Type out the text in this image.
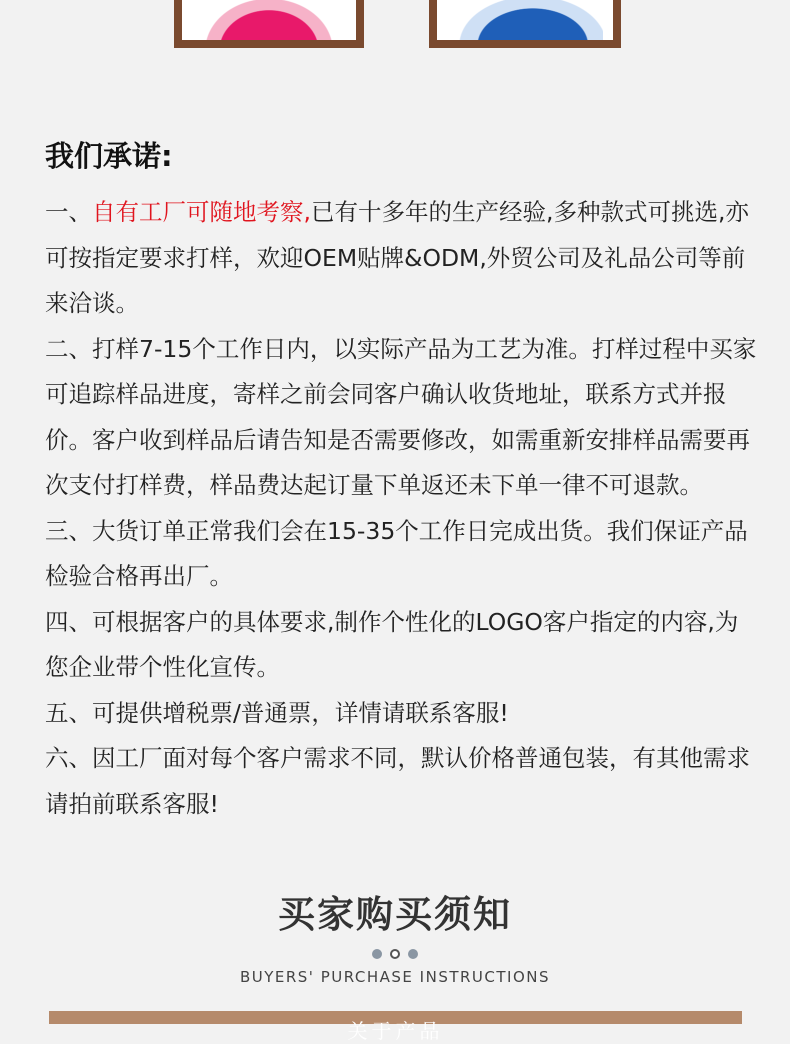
我们承诺:

一、自有工厂可随地考察,已有十多年的生产经验,多种款式可挑选,亦可按指定要求打样，欢迎OEM贴牌&ODM,外贸公司及礼品公司等前来洽谈。

二、打样7-15个工作日内，以实际产品为工艺为准。打样过程中买家可追踪样品进度，寄样之前会同客户确认收货地址，联系方式并报价。客户收到样品后请告知是否需要修改，如需重新安排样品需要再次支付打样费，样品费达起订量下单返还未下单一律不可退款。

三、大货订单正常我们会在15-35个工作日完成出货。我们保证产品检验合格再出厂。

四、可根据客户的具体要求,制作个性化的LOGO客户指定的内容,为您企业带个性化宣传。

五、可提供增税票/普通票，详情请联系客服!

六、因工厂面对每个客户需求不同，默认价格普通包装，有其他需求请拍前联系客服!

买家购买须知
BUYERS' PURCHASE INSTRUCTIONS
关于产品
